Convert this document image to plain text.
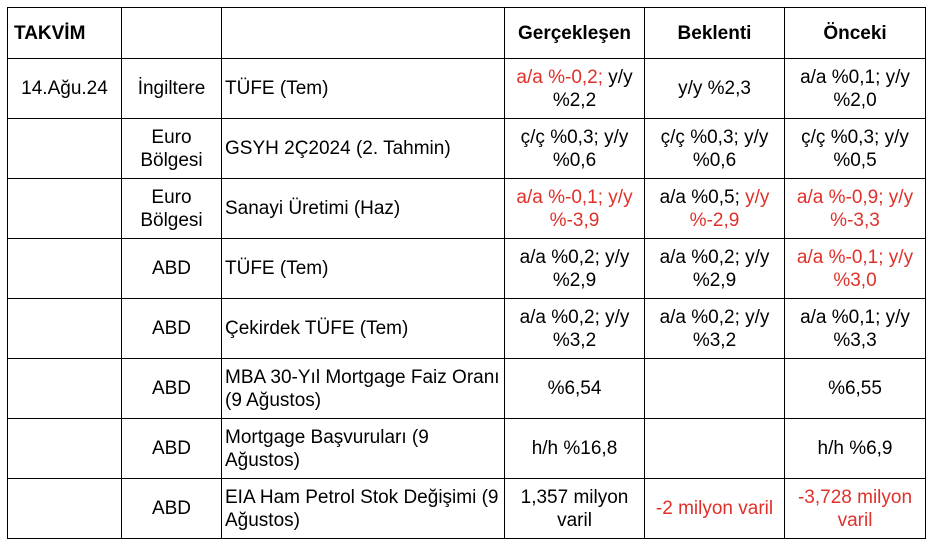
TAKVİM			Gerçekleşen	Beklenti	Önceki
14.Ağu.24	İngiltere	TÜFE (Tem)	a/a %-0,2; y/y %2,2	y/y %2,3	a/a %0,1; y/y %2,0
	Euro Bölgesi	GSYH 2Ç2024 (2. Tahmin)	ç/ç %0,3; y/y %0,6	ç/ç %0,3; y/y %0,6	ç/ç %0,3; y/y %0,5
	Euro Bölgesi	Sanayi Üretimi (Haz)	a/a %-0,1; y/y %-3,9	a/a %0,5; y/y %-2,9	a/a %-0,9; y/y %-3,3
	ABD	TÜFE (Tem)	a/a %0,2; y/y %2,9	a/a %0,2; y/y %2,9	a/a %-0,1; y/y %3,0
	ABD	Çekirdek TÜFE (Tem)	a/a %0,2; y/y %3,2	a/a %0,2; y/y %3,2	a/a %0,1; y/y %3,3
	ABD	MBA 30-Yıl Mortgage Faiz Oranı (9 Ağustos)	%6,54		%6,55
	ABD	Mortgage Başvuruları (9 Ağustos)	h/h %16,8		h/h %6,9
	ABD	EIA Ham Petrol Stok Değişimi (9 Ağustos)	1,357 milyon varil	-2 milyon varil	-3,728 milyon varil
